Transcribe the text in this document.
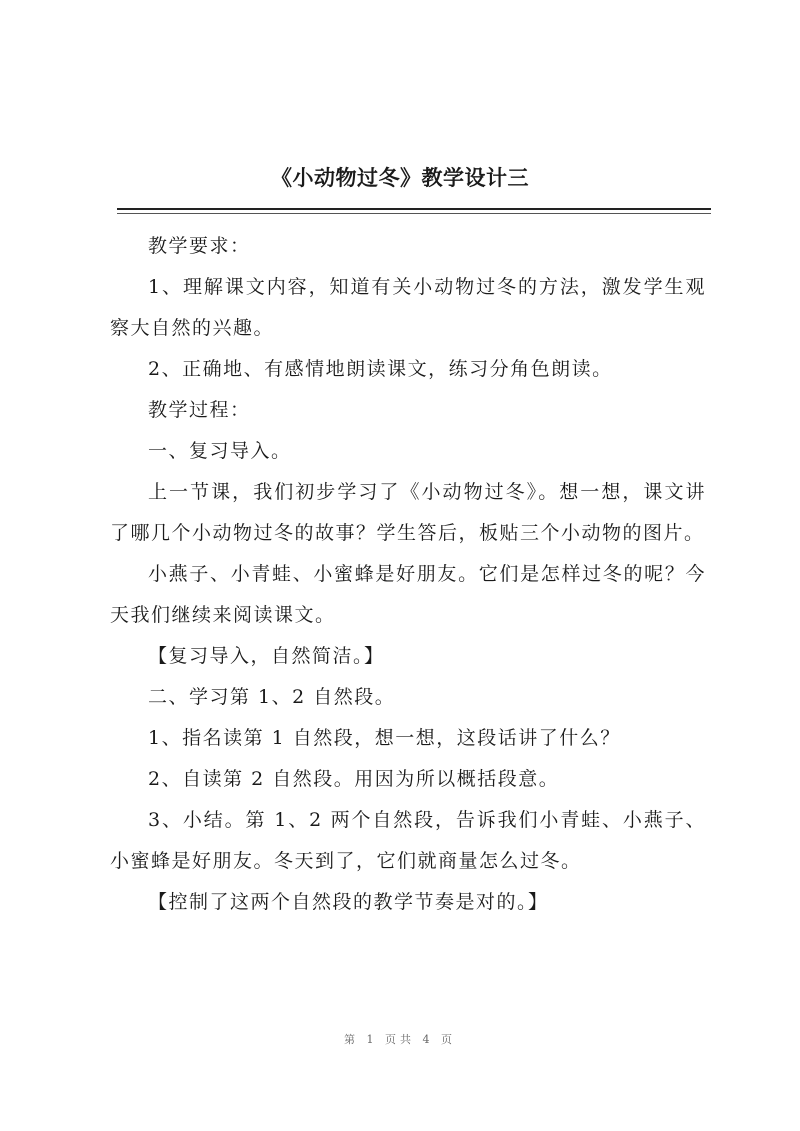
《小动物过冬》教学设计三

教学要求：

1、理解课文内容，知道有关小动物过冬的方法，激发学生观察大自然的兴趣。

2、正确地、有感情地朗读课文，练习分角色朗读。

教学过程：

一、复习导入。

上一节课，我们初步学习了《小动物过冬》。想一想，课文讲了哪几个小动物过冬的故事？学生答后，板贴三个小动物的图片。

小燕子、小青蛙、小蜜蜂是好朋友。它们是怎样过冬的呢？今天我们继续来阅读课文。

【复习导入，自然简洁。】

二、学习第 1、2 自然段。

1、指名读第 1 自然段，想一想，这段话讲了什么？

2、自读第 2 自然段。用因为所以概括段意。

3、小结。第 1、2 两个自然段，告诉我们小青蛙、小燕子、小蜜蜂是好朋友。冬天到了，它们就商量怎么过冬。

【控制了这两个自然段的教学节奏是对的。】

第 1 页共 4 页
